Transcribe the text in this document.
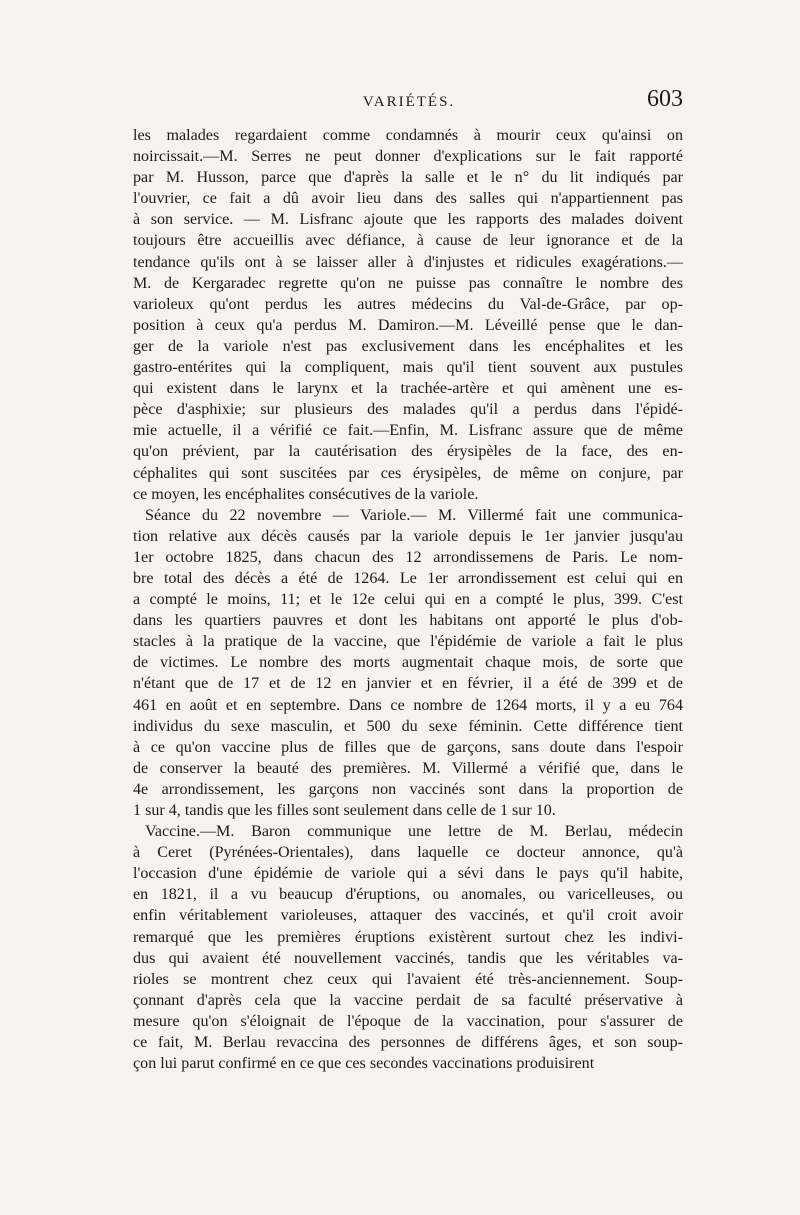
VARIÉTÉS.	603
les malades regardaient comme condamnés à mourir ceux qu'ainsi on
noircissait.—M. Serres ne peut donner d'explications sur le fait rapporté
par M. Husson, parce que d'après la salle et le n° du lit indiqués par
l'ouvrier, ce fait a dû avoir lieu dans des salles qui n'appartiennent pas
à son service. — M. Lisfranc ajoute que les rapports des malades doivent
toujours être accueillis avec défiance, à cause de leur ignorance et de la
tendance qu'ils ont à se laisser aller à d'injustes et ridicules exagérations.—
M. de Kergaradec regrette qu'on ne puisse pas connaître le nombre des
varioleux qu'ont perdus les autres médecins du Val-de-Grâce, par op-
position à ceux qu'a perdus M. Damiron.—M. Léveillé pense que le dan-
ger de la variole n'est pas exclusivement dans les encéphalites et les
gastro-entérites qui la compliquent, mais qu'il tient souvent aux pustules
qui existent dans le larynx et la trachée-artère et qui amènent une es-
pèce d'asphixie; sur plusieurs des malades qu'il a perdus dans l'épidé-
mie actuelle, il a vérifié ce fait.—Enfin, M. Lisfranc assure que de même
qu'on prévient, par la cautérisation des érysipèles de la face, des en-
céphalites qui sont suscitées par ces érysipèles, de même on conjure, par
ce moyen, les encéphalites consécutives de la variole.
Séance du 22 novembre — Variole.— M. Villermé fait une communica-
tion relative aux décès causés par la variole depuis le 1er janvier jusqu'au
1er octobre 1825, dans chacun des 12 arrondissemens de Paris. Le nom-
bre total des décès a été de 1264. Le 1er arrondissement est celui qui en
a compté le moins, 11; et le 12e celui qui en a compté le plus, 399. C'est
dans les quartiers pauvres et dont les habitans ont apporté le plus d'ob-
stacles à la pratique de la vaccine, que l'épidémie de variole a fait le plus
de victimes. Le nombre des morts augmentait chaque mois, de sorte que
n'étant que de 17 et de 12 en janvier et en février, il a été de 399 et de
461 en août et en septembre. Dans ce nombre de 1264 morts, il y a eu 764
individus du sexe masculin, et 500 du sexe féminin. Cette différence tient
à ce qu'on vaccine plus de filles que de garçons, sans doute dans l'espoir
de conserver la beauté des premières. M. Villermé a vérifié que, dans le
4e arrondissement, les garçons non vaccinés sont dans la proportion de
1 sur 4, tandis que les filles sont seulement dans celle de 1 sur 10.
Vaccine.—M. Baron communique une lettre de M. Berlau, médecin
à Ceret (Pyrénées-Orientales), dans laquelle ce docteur annonce, qu'à
l'occasion d'une épidémie de variole qui a sévi dans le pays qu'il habite,
en 1821, il a vu beaucup d'éruptions, ou anomales, ou varicelleuses, ou
enfin véritablement varioleuses, attaquer des vaccinés, et qu'il croit avoir
remarqué que les premières éruptions existèrent surtout chez les indivi-
dus qui avaient été nouvellement vaccinés, tandis que les véritables va-
rioles se montrent chez ceux qui l'avaient été très-anciennement. Soup-
çonnant d'après cela que la vaccine perdait de sa faculté préservative à
mesure qu'on s'éloignait de l'époque de la vaccination, pour s'assurer de
ce fait, M. Berlau revaccina des personnes de différens âges, et son soup-
çon lui parut confirmé en ce que ces secondes vaccinations produisirent
